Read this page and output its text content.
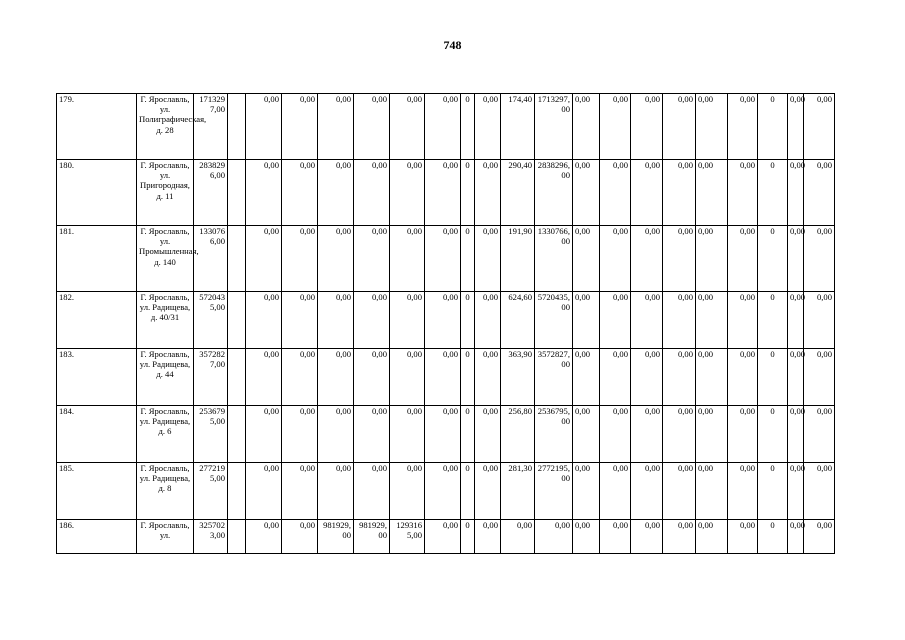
748
179.	Г. Ярославль, ул. Полиграфическая, д. 28	1713297,00		0,00	0,00	0,00	0,00	0,00	0,00	0	0,00	174,40	1713297,00	0,00	0,00	0,00	0,00	0,00	0,00	0	0,00	0,00
180.	Г. Ярославль, ул. Пригородная, д. 11	2838296,00		0,00	0,00	0,00	0,00	0,00	0,00	0	0,00	290,40	2838296,00	0,00	0,00	0,00	0,00	0,00	0,00	0	0,00	0,00
181.	Г. Ярославль, ул. Промышленная, д. 140	1330766,00		0,00	0,00	0,00	0,00	0,00	0,00	0	0,00	191,90	1330766,00	0,00	0,00	0,00	0,00	0,00	0,00	0	0,00	0,00
182.	Г. Ярославль, ул. Радищева, д. 40/31	5720435,00		0,00	0,00	0,00	0,00	0,00	0,00	0	0,00	624,60	5720435,00	0,00	0,00	0,00	0,00	0,00	0,00	0	0,00	0,00
183.	Г. Ярославль, ул. Радищева, д. 44	3572827,00		0,00	0,00	0,00	0,00	0,00	0,00	0	0,00	363,90	3572827,00	0,00	0,00	0,00	0,00	0,00	0,00	0	0,00	0,00
184.	Г. Ярославль, ул. Радищева, д. 6	2536795,00		0,00	0,00	0,00	0,00	0,00	0,00	0	0,00	256,80	2536795,00	0,00	0,00	0,00	0,00	0,00	0,00	0	0,00	0,00
185.	Г. Ярославль, ул. Радищева, д. 8	2772195,00		0,00	0,00	0,00	0,00	0,00	0,00	0	0,00	281,30	2772195,00	0,00	0,00	0,00	0,00	0,00	0,00	0	0,00	0,00
186.	Г. Ярославль, ул.	3257023,00		0,00	0,00	981929,00	981929,00	1293165,00	0,00	0	0,00	0,00	0,00	0,00	0,00	0,00	0,00	0,00	0,00	0	0,00	0,00
